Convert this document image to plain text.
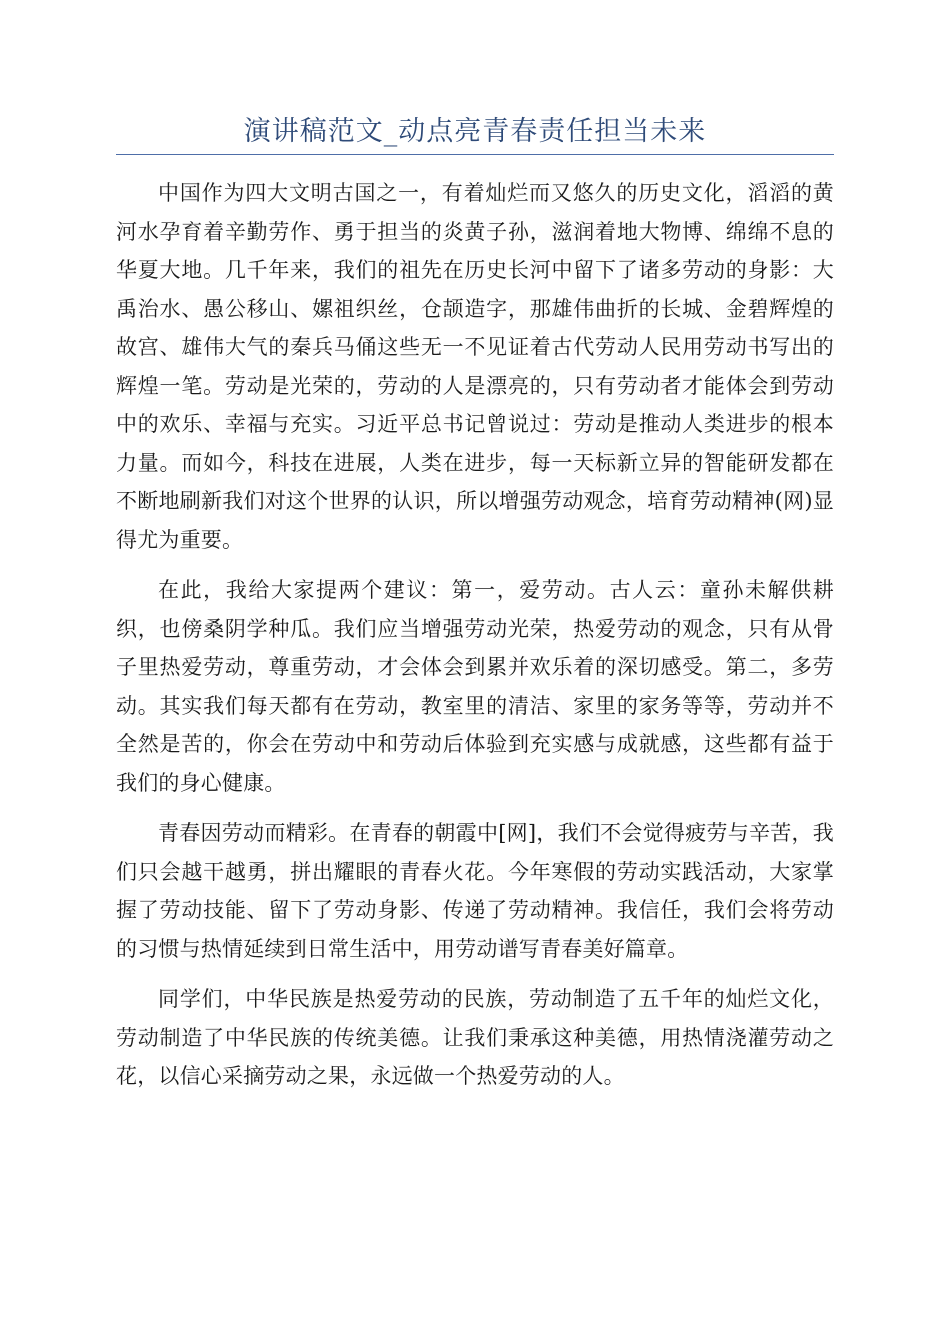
演讲稿范文_动点亮青春责任担当未来

中国作为四大文明古国之一，有着灿烂而又悠久的历史文化，滔滔的黄河水孕育着辛勤劳作、勇于担当的炎黄子孙，滋润着地大物博、绵绵不息的华夏大地。几千年来，我们的祖先在历史长河中留下了诸多劳动的身影：大禹治水、愚公移山、嫘祖织丝，仓颉造字，那雄伟曲折的长城、金碧辉煌的故宫、雄伟大气的秦兵马俑这些无一不见证着古代劳动人民用劳动书写出的辉煌一笔。劳动是光荣的，劳动的人是漂亮的，只有劳动者才能体会到劳动中的欢乐、幸福与充实。习近平总书记曾说过：劳动是推动人类进步的根本力量。而如今，科技在进展，人类在进步，每一天标新立异的智能研发都在不断地刷新我们对这个世界的认识，所以增强劳动观念，培育劳动精神(网)显得尤为重要。

在此，我给大家提两个建议：第一，爱劳动。古人云：童孙未解供耕织，也傍桑阴学种瓜。我们应当增强劳动光荣，热爱劳动的观念，只有从骨子里热爱劳动，尊重劳动，才会体会到累并欢乐着的深切感受。第二，多劳动。其实我们每天都有在劳动，教室里的清洁、家里的家务等等，劳动并不全然是苦的，你会在劳动中和劳动后体验到充实感与成就感，这些都有益于我们的身心健康。

青春因劳动而精彩。在青春的朝霞中[网]，我们不会觉得疲劳与辛苦，我们只会越干越勇，拼出耀眼的青春火花。今年寒假的劳动实践活动，大家掌握了劳动技能、留下了劳动身影、传递了劳动精神。我信任，我们会将劳动的习惯与热情延续到日常生活中，用劳动谱写青春美好篇章。

同学们，中华民族是热爱劳动的民族，劳动制造了五千年的灿烂文化，劳动制造了中华民族的传统美德。让我们秉承这种美德，用热情浇灌劳动之花，以信心采摘劳动之果，永远做一个热爱劳动的人。
